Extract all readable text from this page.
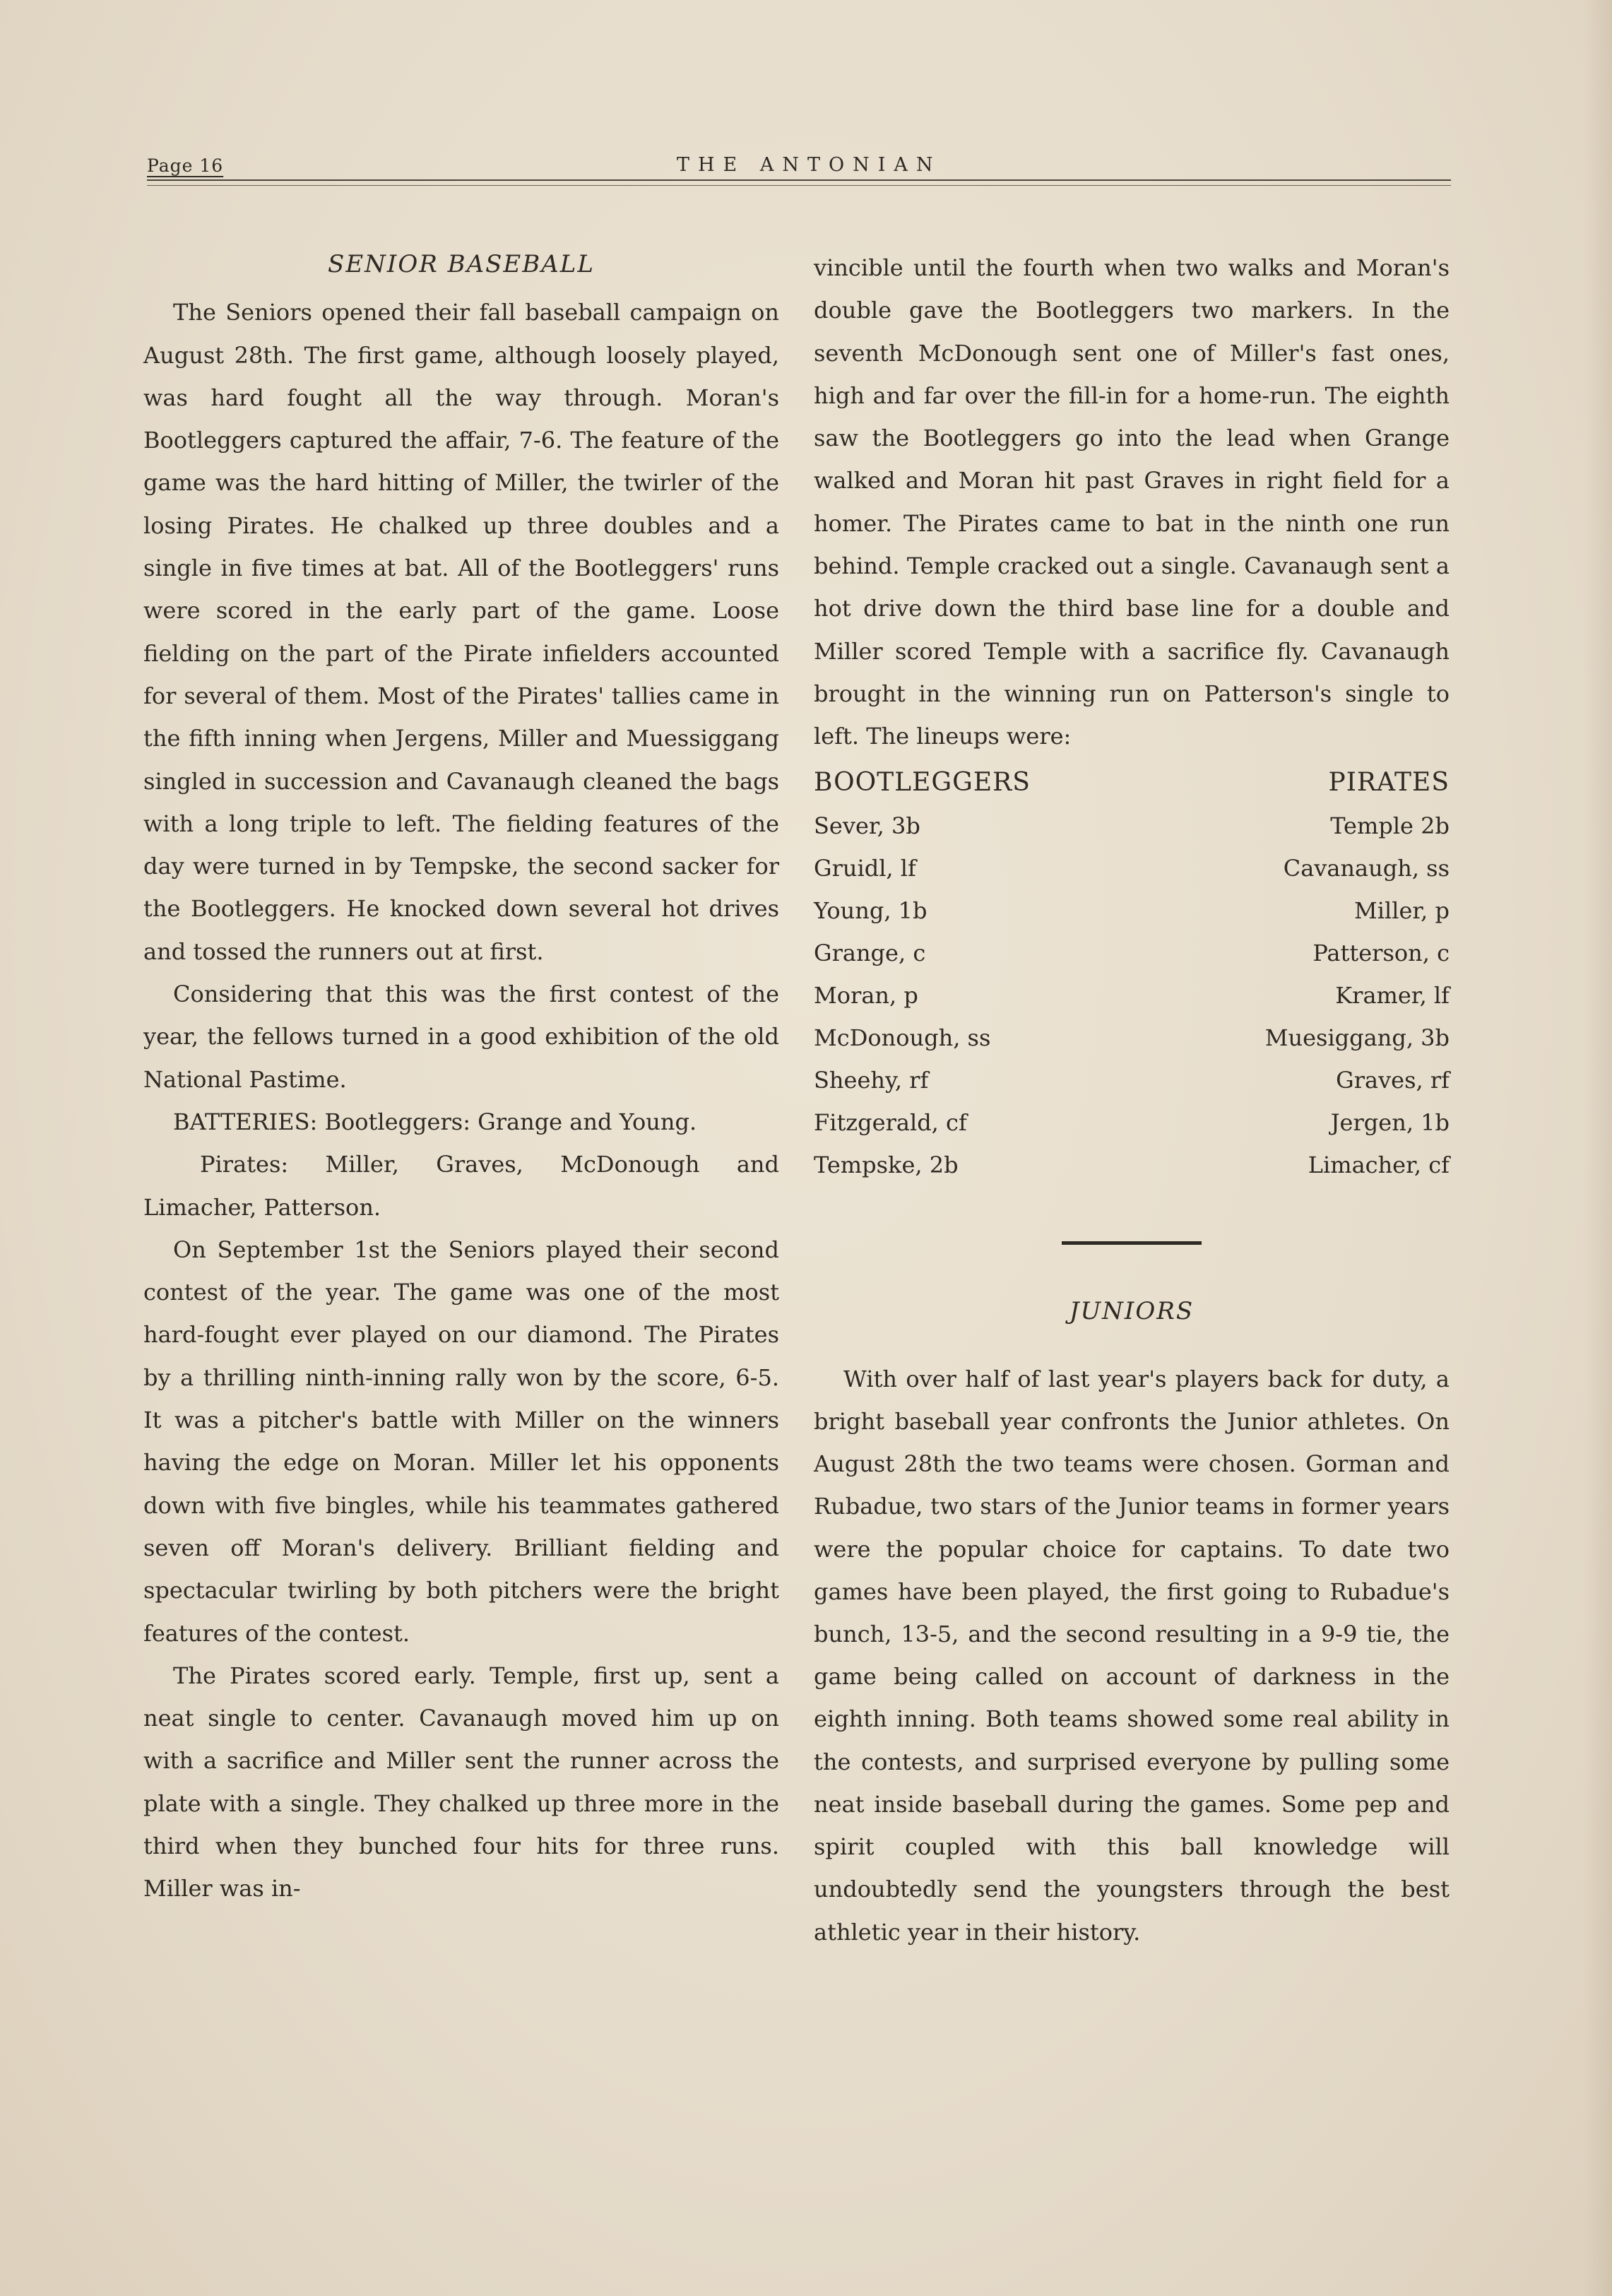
Page 16	THE ANTONIAN
SENIOR BASEBALL

The Seniors opened their fall baseball campaign on August 28th. The first game, although loosely played, was hard fought all the way through. Moran's Bootleggers captured the affair, 7-6. The feature of the game was the hard hitting of Miller, the twirler of the losing Pirates. He chalked up three doubles and a single in five times at bat. All of the Bootleggers' runs were scored in the early part of the game. Loose fielding on the part of the Pirate infielders accounted for several of them. Most of the Pirates' tallies came in the fifth inning when Jergens, Miller and Muessiggang singled in succession and Cavanaugh cleaned the bags with a long triple to left. The fielding features of the day were turned in by Tempske, the second sacker for the Bootleggers. He knocked down several hot drives and tossed the runners out at first.

Considering that this was the first contest of the year, the fellows turned in a good exhibition of the old National Pastime.

BATTERIES: Bootleggers: Grange and Young.

Pirates: Miller, Graves, McDonough and Limacher, Patterson.

On September 1st the Seniors played their second contest of the year. The game was one of the most hard-fought ever played on our diamond. The Pirates by a thrilling ninth-inning rally won by the score, 6-5. It was a pitcher's battle with Miller on the winners having the edge on Moran. Miller let his opponents down with five bingles, while his teammates gathered seven off Moran's delivery. Brilliant fielding and spectacular twirling by both pitchers were the bright features of the contest.

The Pirates scored early. Temple, first up, sent a neat single to center. Cavanaugh moved him up on with a sacrifice and Miller sent the runner across the plate with a single. They chalked up three more in the third when they bunched four hits for three runs. Miller was in-

vincible until the fourth when two walks and Moran's double gave the Bootleggers two markers. In the seventh McDonough sent one of Miller's fast ones, high and far over the fill-in for a home-run. The eighth saw the Bootleggers go into the lead when Grange walked and Moran hit past Graves in right field for a homer. The Pirates came to bat in the ninth one run behind. Temple cracked out a single. Cavanaugh sent a hot drive down the third base line for a double and Miller scored Temple with a sacrifice fly. Cavanaugh brought in the winning run on Patterson's single to left. The lineups were:

BOOTLEGGERS	PIRATES
Sever, 3b	Temple 2b
Gruidl, lf	Cavanaugh, ss
Young, 1b	Miller, p
Grange, c	Patterson, c
Moran, p	Kramer, lf
McDonough, ss	Muesiggang, 3b
Sheehy, rf	Graves, rf
Fitzgerald, cf	Jergen, 1b
Tempske, 2b	Limacher, cf
JUNIORS

With over half of last year's players back for duty, a bright baseball year confronts the Junior athletes. On August 28th the two teams were chosen. Gorman and Rubadue, two stars of the Junior teams in former years were the popular choice for captains. To date two games have been played, the first going to Rubadue's bunch, 13-5, and the second resulting in a 9-9 tie, the game being called on account of darkness in the eighth inning. Both teams showed some real ability in the contests, and surprised everyone by pulling some neat inside baseball during the games. Some pep and spirit coupled with this ball knowledge will undoubtedly send the youngsters through the best athletic year in their history.
